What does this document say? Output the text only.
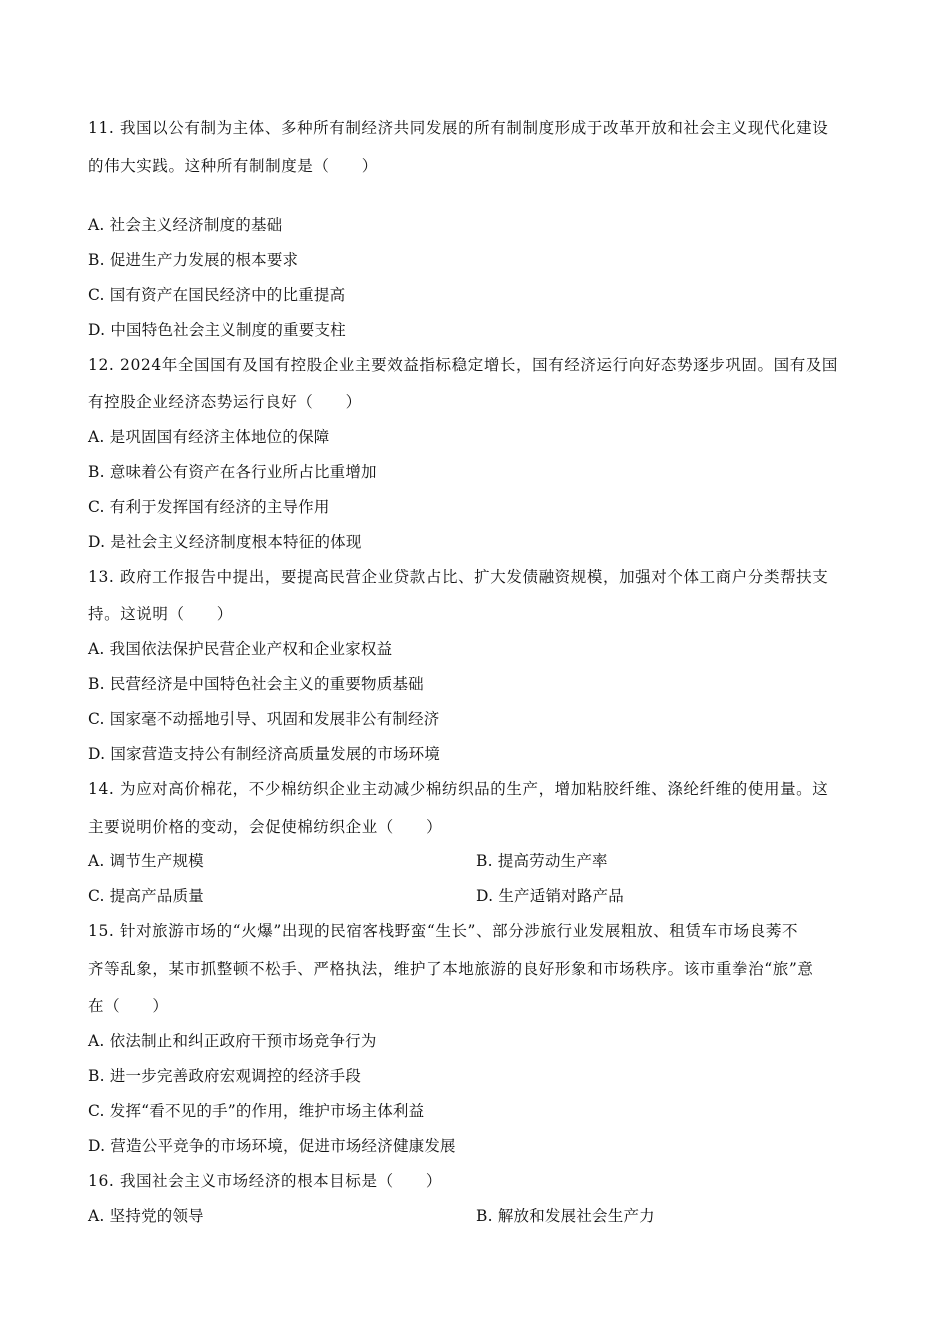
11. 我国以公有制为主体、多种所有制经济共同发展的所有制制度形成于改革开放和社会主义现代化建设
的伟大实践。这种所有制制度是（　　）
A. 社会主义经济制度的基础
B. 促进生产力发展的根本要求
C. 国有资产在国民经济中的比重提高
D. 中国特色社会主义制度的重要支柱
12. 2024年全国国有及国有控股企业主要效益指标稳定增长，国有经济运行向好态势逐步巩固。国有及国
有控股企业经济态势运行良好（　　）
A. 是巩固国有经济主体地位的保障
B. 意味着公有资产在各行业所占比重增加
C. 有利于发挥国有经济的主导作用
D. 是社会主义经济制度根本特征的体现
13. 政府工作报告中提出，要提高民营企业贷款占比、扩大发债融资规模，加强对个体工商户分类帮扶支
持。这说明（　　）
A. 我国依法保护民营企业产权和企业家权益
B. 民营经济是中国特色社会主义的重要物质基础
C. 国家毫不动摇地引导、巩固和发展非公有制经济
D. 国家营造支持公有制经济高质量发展的市场环境
14. 为应对高价棉花，不少棉纺织企业主动减少棉纺织品的生产，增加粘胶纤维、涤纶纤维的使用量。这
主要说明价格的变动，会促使棉纺织企业（　　）
A. 调节生产规模	B. 提高劳动生产率
C. 提高产品质量	D. 生产适销对路产品
15. 针对旅游市场的“火爆”出现的民宿客栈野蛮“生长”、部分涉旅行业发展粗放、租赁车市场良莠不
齐等乱象，某市抓整顿不松手、严格执法，维护了本地旅游的良好形象和市场秩序。该市重拳治“旅”意
在（　　）
A. 依法制止和纠正政府干预市场竞争行为
B. 进一步完善政府宏观调控的经济手段
C. 发挥“看不见的手”的作用，维护市场主体利益
D. 营造公平竞争的市场环境，促进市场经济健康发展
16. 我国社会主义市场经济的根本目标是（　　）
A. 坚持党的领导	B. 解放和发展社会生产力
